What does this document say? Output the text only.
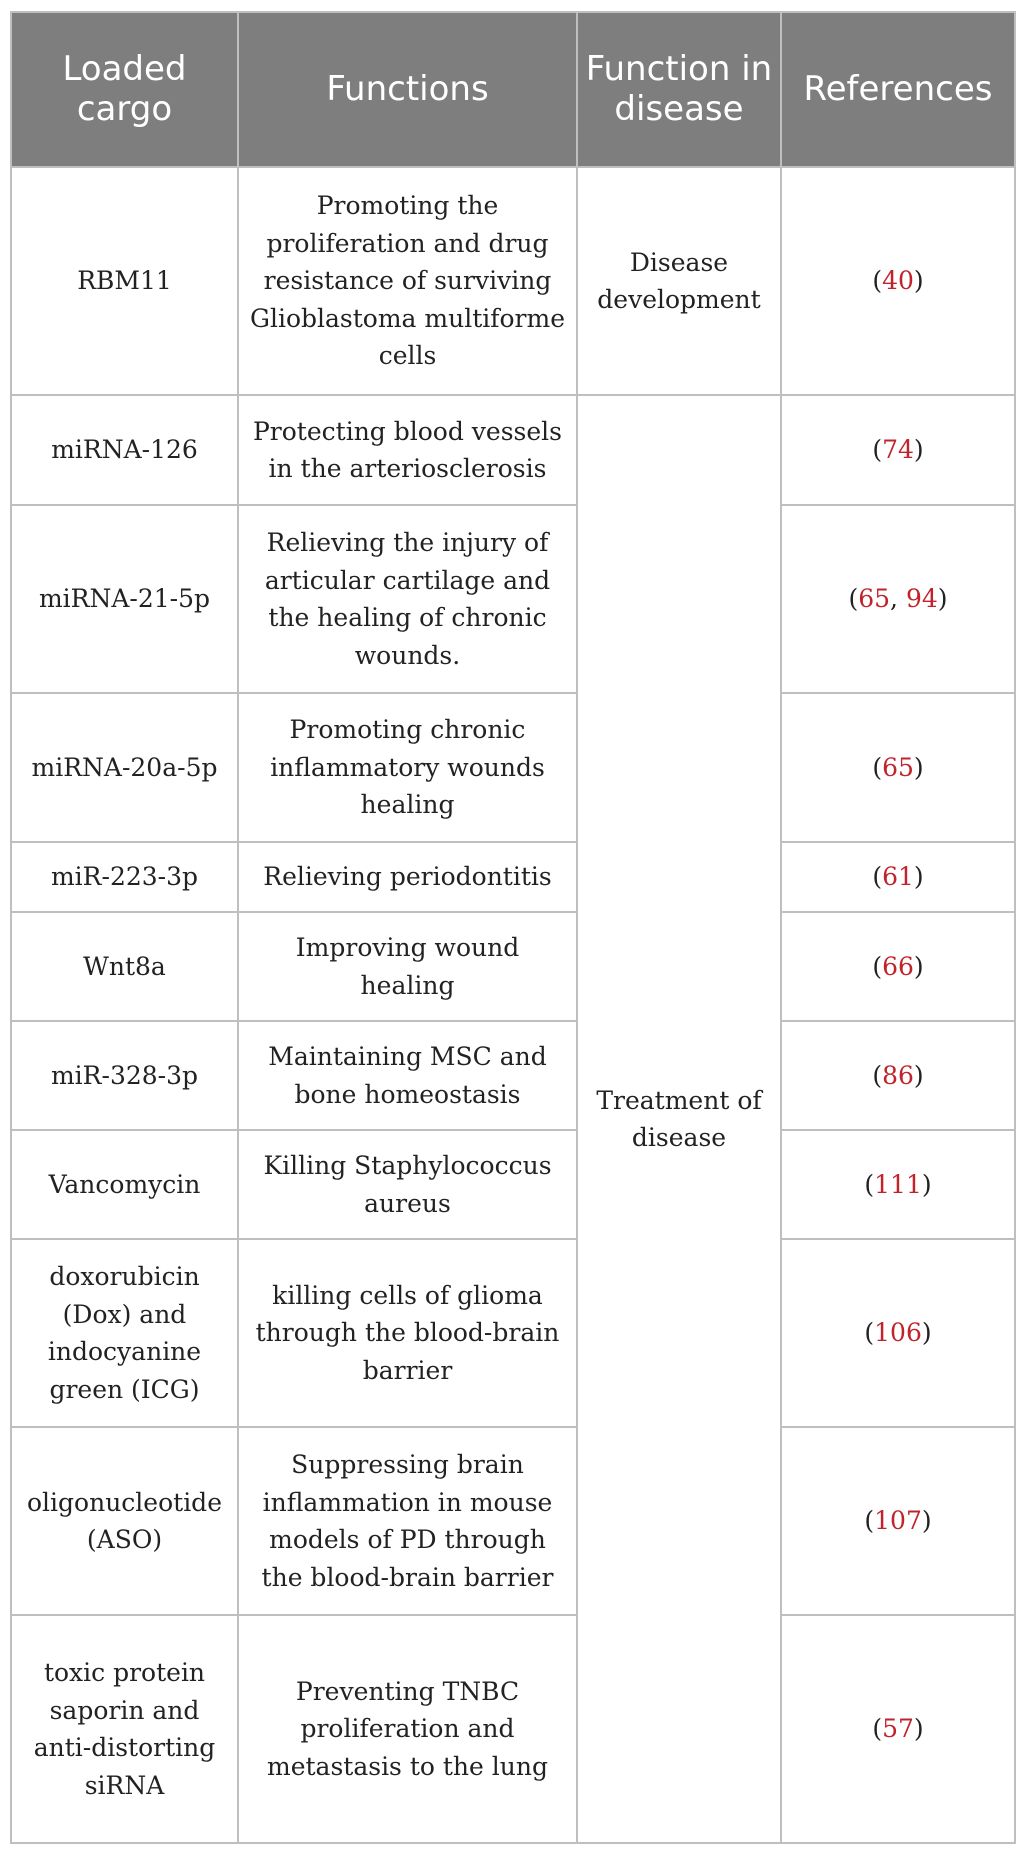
Loaded cargo	Functions	Function in disease	References
RBM11	Promoting the proliferation and drug resistance of surviving Glioblastoma multiforme cells	Disease development	(40)
miRNA-126	Protecting blood vessels in the arteriosclerosis	Treatment of disease	(74)
miRNA-21-5p	Relieving the injury of articular cartilage and the healing of chronic wounds.		(65, 94)
miRNA-20a-5p	Promoting chronic inflammatory wounds healing		(65)
miR-223-3p	Relieving periodontitis		(61)
Wnt8a	Improving wound healing		(66)
miR-328-3p	Maintaining MSC and bone homeostasis		(86)
Vancomycin	Killing Staphylococcus aureus		(111)
doxorubicin (Dox) and indocyanine green (ICG)	killing cells of glioma through the blood-brain barrier		(106)
oligonucleotide (ASO)	Suppressing brain inflammation in mouse models of PD through the blood-brain barrier		(107)
toxic protein saporin and anti-distorting siRNA	Preventing TNBC proliferation and metastasis to the lung		(57)
